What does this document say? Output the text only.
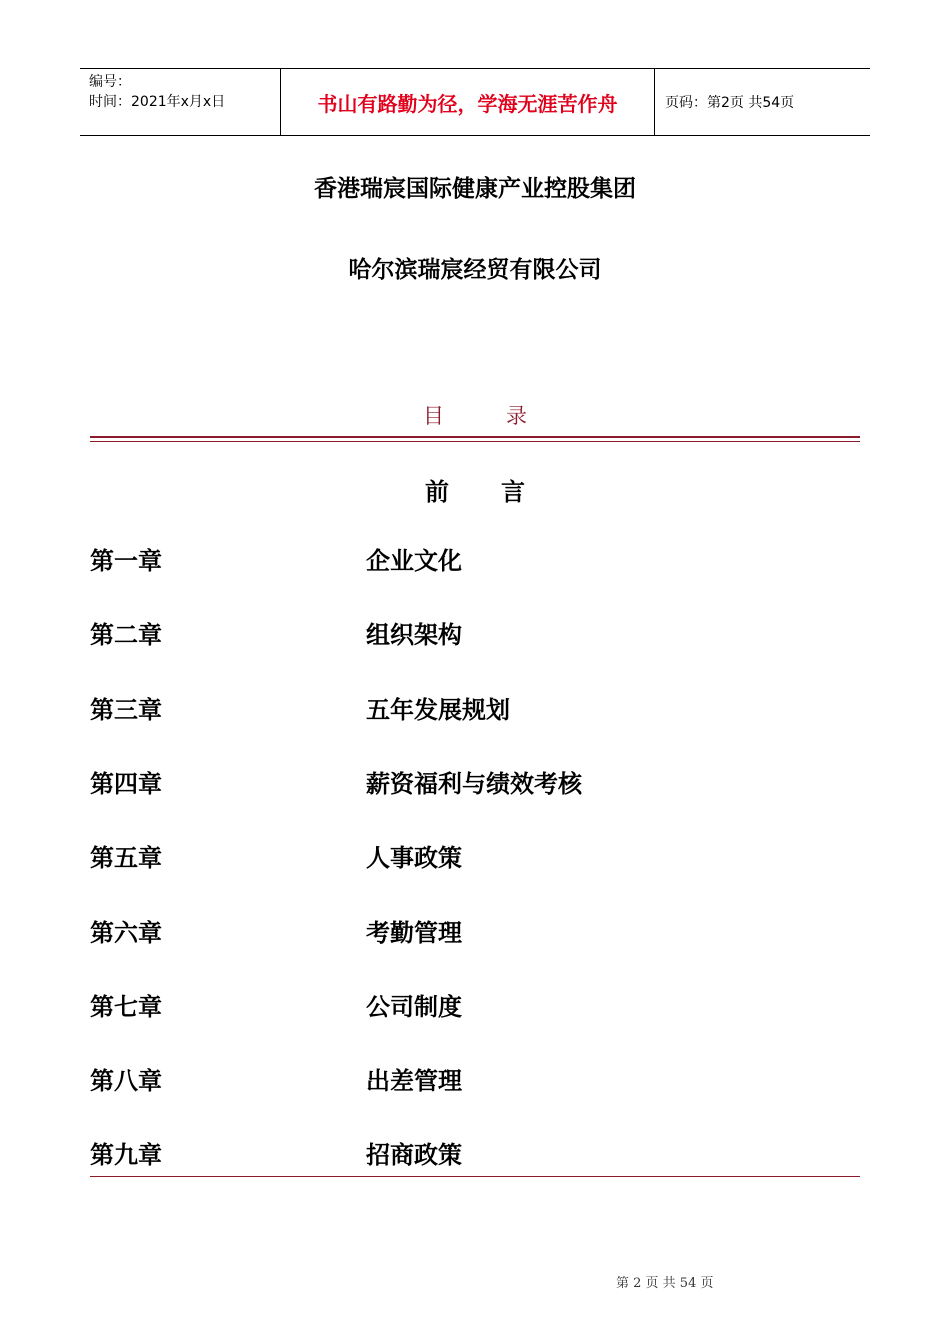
编号：
时间：2021年x月x日	书山有路勤为径，学海无涯苦作舟	页码：第2页 共54页
香港瑞宸国际健康产业控股集团
哈尔滨瑞宸经贸有限公司
目录
前言
第一章	企业文化
第二章	组织架构
第三章	五年发展规划
第四章	薪资福利与绩效考核
第五章	人事政策
第六章	考勤管理
第七章	公司制度
第八章	出差管理
第九章	招商政策
第 2 页 共 54 页
